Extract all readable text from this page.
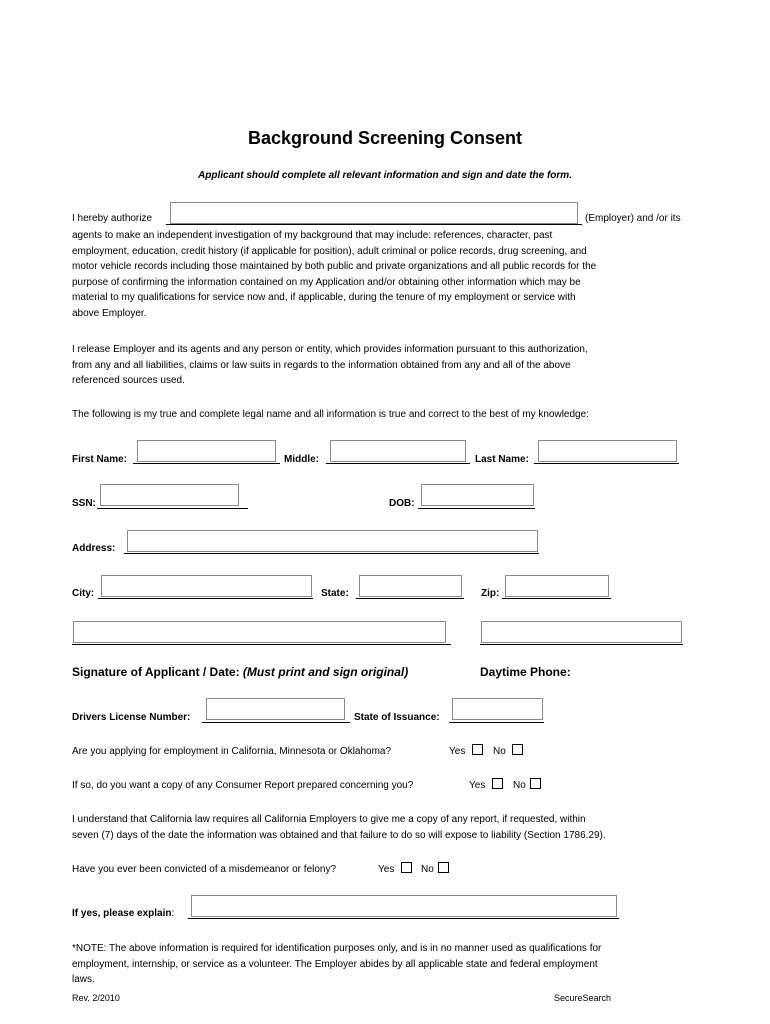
Background Screening Consent
Applicant should complete all relevant information and sign and date the form.
I hereby authorize	(Employer) and /or its

agents to make an independent investigation of my background that may include: references, character, past

employment, education, credit history (if applicable for position), adult criminal or police records, drug screening, and

motor vehicle records including those maintained by both public and private organizations and all public records for the

purpose of confirming the information contained on my Application and/or obtaining other information which may be

material to my qualifications for service now and, if applicable, during the tenure of my employment or service with

above Employer.

I release Employer and its agents and any person or entity, which provides information pursuant to this authorization,

from any and all liabilities, claims or law suits in regards to the information obtained from any and all of the above

referenced sources used.

The following is my true and complete legal name and all information is true and correct to the best of my knowledge:
First Name:	Middle:	Last Name:
SSN:	DOB:
Address:
City:	State:	Zip:
Signature of Applicant / Date: (Must print and sign original)	Daytime Phone:
Drivers License Number:	State of Issuance:
Are you applying for employment in California, Minnesota or Oklahoma?	Yes	No
If so, do you want a copy of any Consumer Report prepared concerning you?	Yes	No

I understand that California law requires all California Employers to give me a copy of any report, if requested, within

seven (7) days of the date the information was obtained and that failure to do so will expose to liability (Section 1786.29).

Have you ever been convicted of a misdemeanor or felony?	Yes	No
If yes, please explain:

*NOTE: The above information is required for identification purposes only, and is in no manner used as qualifications for

employment, internship, or service as a volunteer. The Employer abides by all applicable state and federal employment

laws.

Rev. 2/2010	SecureSearch
